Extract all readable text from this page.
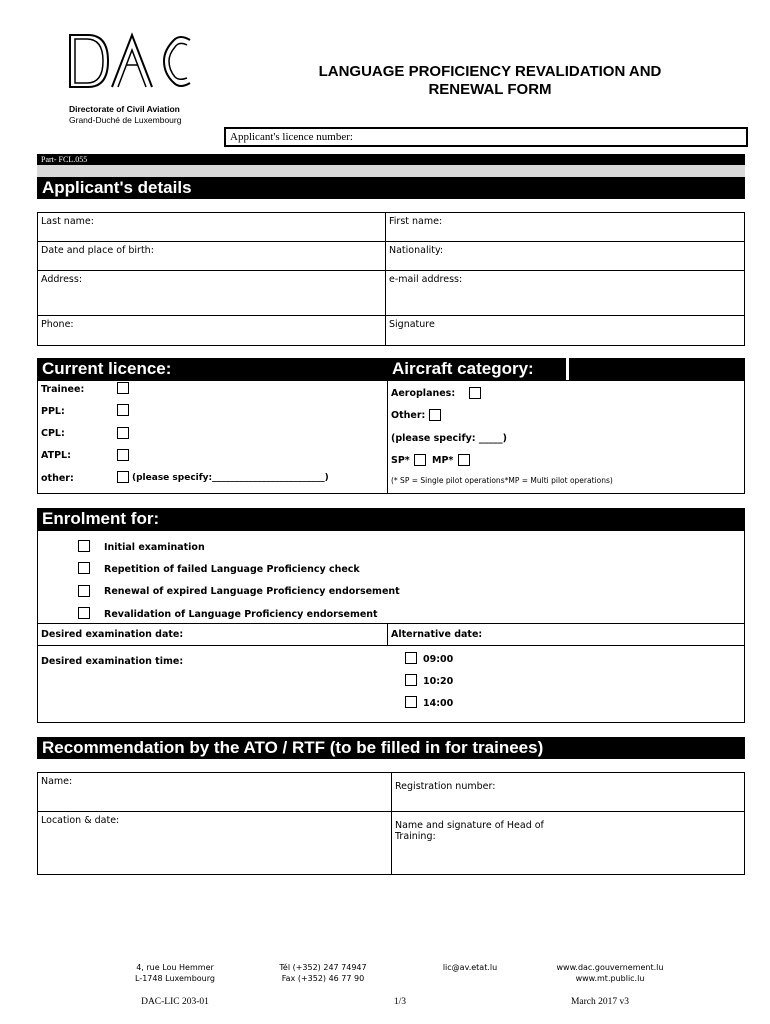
Directorate of Civil Aviation
Grand-Duché de Luxembourg
LANGUAGE PROFICIENCY REVALIDATION AND
RENEWAL FORM
Applicant's licence number:
Part- FCL.055
Applicant's details
Last name:	First name:
Date and place of birth:	Nationality:
Address:	e-mail address:
Phone:	Signature
Current licence:	Aircraft category:
Trainee:
PPL:
CPL:
ATPL:
other:	(please specify:_________________________)
Aeroplanes:
Other:
(please specify: _____)
SP* MP*
(* SP = Single pilot operations*MP = Multi pilot operations)
Enrolment for:
Initial examination
Repetition of failed Language Proficiency check
Renewal of expired Language Proficiency endorsement
Revalidation of Language Proficiency endorsement
Desired examination date:	Alternative date:
Desired examination time:	09:00
10:20
14:00
Recommendation by the ATO / RTF (to be filled in for trainees)
Name:	Registration number:
Location & date:	Name and signature of Head of
Training:
4, rue Lou Hemmer
L-1748 Luxembourg
Tél (+352) 247 74947
Fax (+352) 46 77 90
lic@av.etat.lu	www.dac.gouvernement.lu
www.mt.public.lu
DAC-LIC 203-01	1/3	March 2017 v3
